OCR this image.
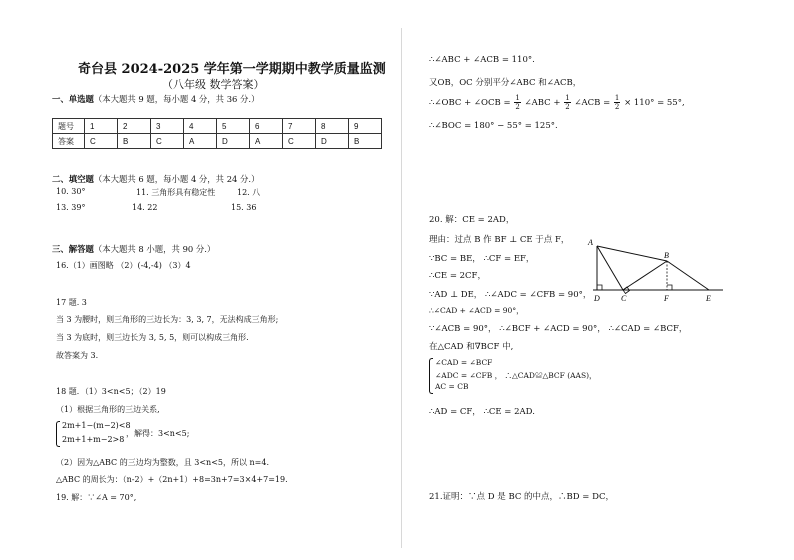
奇台县 2024-2025 学年第一学期期中教学质量监测
（八年级 数学答案）
一、单选题（本大题共 9 题，每小题 4 分，共 36 分.）
题号	1	2	3	4	5	6	7	8	9
答案	C	B	C	A	D	A	C	D	B
二、填空题（本大题共 6 题，每小题 4 分，共 24 分.）
10. 30°	11. 三角形具有稳定性	12. 八
13. 39°	14. 22	15. 36
三、解答题（本大题共 8 小题，共 90 分.）
16.（1）画图略 （2）(-4,-4) （3）4
17 题. 3
当 3 为腰时，则三角形的三边长为：3, 3, 7，无法构成三角形;
当 3 为底时，则三边长为 3, 5, 5，则可以构成三角形.
故答案为 3.
18 题．（1）3<n<5；（2）19
（1）根据三角形的三边关系,
2m+1−(m−2)<8
2m+1+m−2>8
，解得：3<n<5;
（2）因为△ABC 的三边均为整数，且 3<n<5，所以 n=4.
△ABC 的周长为：（n-2）+（2n+1）+8=3n+7=3×4+7=19.
19. 解：∵∠A = 70°,
∴∠ABC + ∠ACB = 110°.
又OB，OC 分别平分∠ABC 和∠ACB，
∴∠OBC + ∠OCB = $\frac{1}{2}$ ∠ABC + $\frac{1}{2}$ ∠ACB = $\frac{1}{2} \times 110^\circ = 55^\circ$,
∴∠BOC = 180° − 55° = 125°.
20. 解：CE = 2AD，
理由：过点 B 作 BF ⊥ CE 于点 F，
∵BC = BE， ∴CF = EF，
∴CE = 2CF，
∵AD ⊥ DE， ∴∠ADC = ∠CFB = 90°，
∴∠CAD + ∠ACD = 90°，
∵∠ACB = 90°， ∴∠BCF + ∠ACD = 90°， ∴∠CAD = ∠BCF，
在△CAD 和∇BCF 中,
∠CAD = ∠BCF
∠ADC = ∠CFB ， ∴△CAD≌△BCF (AAS)，
AC = CB
∴AD = CF， ∴CE = 2AD.
21.证明：∵点 D 是 BC 的中点，∴BD = DC，
A
B
D	C	F	E
